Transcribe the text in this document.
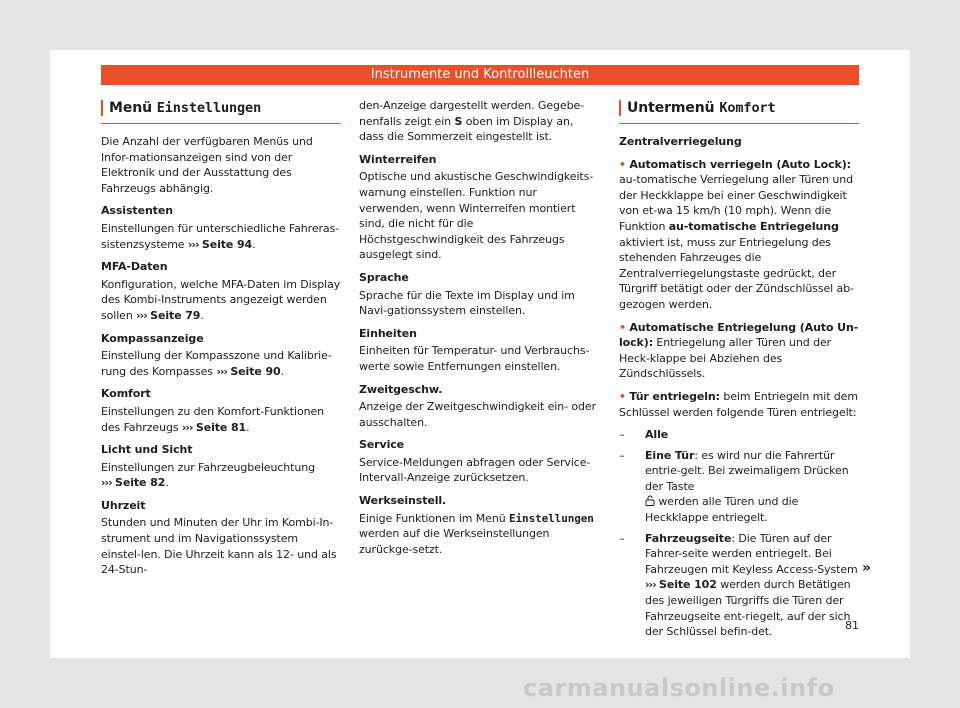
Instrumente und Kontrollleuchten
Menü Einstellungen

Die Anzahl der verfügbaren Menüs und Infor-mationsanzeigen sind von der Elektronik und der Ausstattung des Fahrzeugs abhängig.

Assistenten

Einstellungen für unterschiedliche Fahreras-sistenzsysteme ››› Seite 94.

MFA-Daten

Konfiguration, welche MFA-Daten im Display des Kombi-Instruments angezeigt werden sollen ››› Seite 79.

Kompassanzeige

Einstellung der Kompasszone und Kalibrie-rung des Kompasses ››› Seite 90.

Komfort

Einstellungen zu den Komfort-Funktionen des Fahrzeugs ››› Seite 81.

Licht und Sicht

Einstellungen zur Fahrzeugbeleuchtung
››› Seite 82.

Uhrzeit

Stunden und Minuten der Uhr im Kombi-In-strument und im Navigationssystem einstel-len. Die Uhrzeit kann als 12- und als 24-Stun-

den-Anzeige dargestellt werden. Gegebe-nenfalls zeigt ein S oben im Display an, dass die Sommerzeit eingestellt ist.

Winterreifen

Optische und akustische Geschwindigkeits-warnung einstellen. Funktion nur verwenden, wenn Winterreifen montiert sind, die nicht für die Höchstgeschwindigkeit des Fahrzeugs ausgelegt sind.

Sprache

Sprache für die Texte im Display und im Navi-gationssystem einstellen.

Einheiten

Einheiten für Temperatur- und Verbrauchs-werte sowie Entfernungen einstellen.

Zweitgeschw.

Anzeige der Zweitgeschwindigkeit ein- oder ausschalten.

Service

Service-Meldungen abfragen oder Service-Intervall-Anzeige zurücksetzen.

Werkseinstell.

Einige Funktionen im Menü Einstellungen werden auf die Werkseinstellungen zurückge-setzt.

Untermenü Komfort

Zentralverriegelung

• Automatisch verriegeln (Auto Lock): au-tomatische Verriegelung aller Türen und der Heckklappe bei einer Geschwindigkeit von et-wa 15 km/h (10 mph). Wenn die Funktion au-tomatische Entriegelung aktiviert ist, muss zur Entriegelung des stehenden Fahrzeuges die Zentralverriegelungstaste gedrückt, der Türgriff betätigt oder der Zündschlüssel ab-gezogen werden.

• Automatische Entriegelung (Auto Un-lock): Entriegelung aller Türen und der Heck-klappe bei Abziehen des Zündschlüssels.

• Tür entriegeln: beim Entriegeln mit dem Schlüssel werden folgende Türen entriegelt:

–	Alle
–	Eine Tür: es wird nur die Fahrertür entrie-gelt. Bei zweimaligem Drücken der Taste
werden alle Türen und die Heckklappe entriegelt.
–	Fahrzeugseite: Die Türen auf der Fahrer-seite werden entriegelt. Bei Fahrzeugen mit Keyless Access-System ››› Seite 102 werden durch Betätigen des jeweiligen Türgriffs die Türen der Fahrzeugseite ent-riegelt, auf der sich der Schlüssel befin-det.
»
81
carmanualsonline.info
